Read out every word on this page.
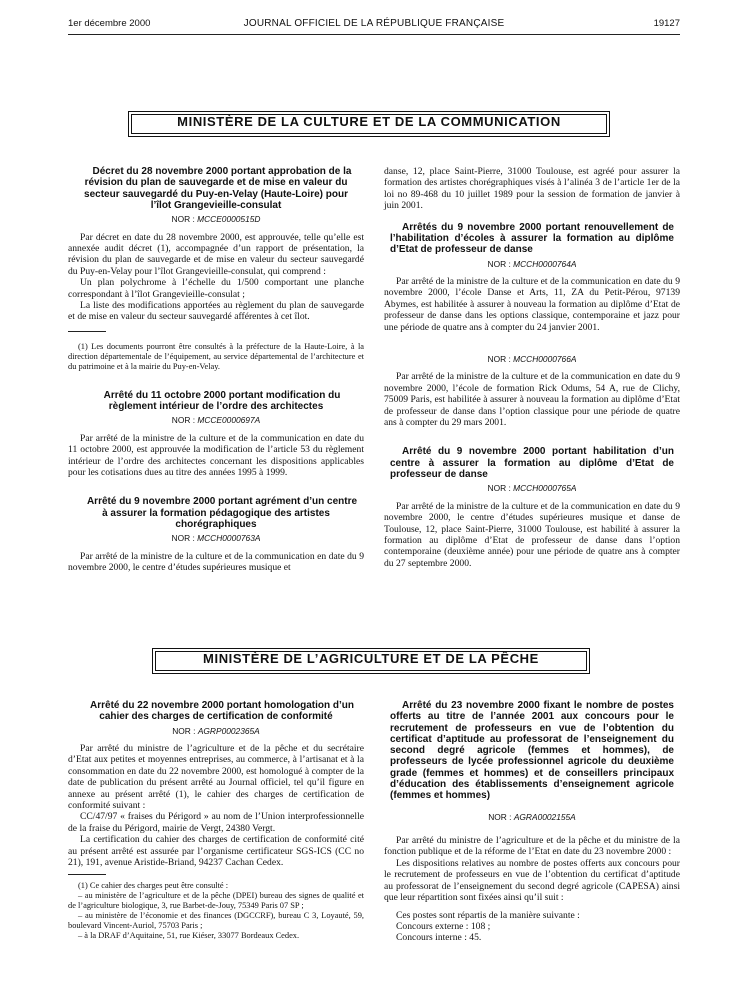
1er décembre 2000	JOURNAL OFFICIEL DE LA RÉPUBLIQUE FRANÇAISE	19127
MINISTÈRE DE LA CULTURE ET DE LA COMMUNICATION

Décret du 28 novembre 2000 portant approbation de la révision du plan de sauvegarde et de mise en valeur du secteur sauvegardé du Puy-en-Velay (Haute-Loire) pour l’îlot Grangevieille-consulat

NOR : MCCE0000515D

Par décret en date du 28 novembre 2000, est approuvée, telle qu’elle est annexée audit décret (1), accompagnée d’un rapport de présentation, la révision du plan de sauvegarde et de mise en valeur du secteur sauvegardé du Puy-en-Velay pour l’îlot Grangevieille-consulat, qui comprend :

Un plan polychrome à l’échelle du 1/500 comportant une planche correspondant à l’îlot Grangevieille-consulat ;

La liste des modifications apportées au règlement du plan de sauvegarde et de mise en valeur du secteur sauvegardé afférentes à cet îlot.

(1) Les documents pourront être consultés à la préfecture de la Haute-Loire, à la direction départementale de l’équipement, au service départemental de l’architecture et du patrimoine et à la mairie du Puy-en-Velay.

Arrêté du 11 octobre 2000 portant modification du règlement intérieur de l’ordre des architectes

NOR : MCCE0000697A

Par arrêté de la ministre de la culture et de la communication en date du 11 octobre 2000, est approuvée la modification de l’article 53 du règlement intérieur de l’ordre des architectes concernant les dispositions applicables pour les cotisations dues au titre des années 1995 à 1999.

Arrêté du 9 novembre 2000 portant agrément d’un centre à assurer la formation pédagogique des artistes chorégraphiques

NOR : MCCH0000763A

Par arrêté de la ministre de la culture et de la communication en date du 9 novembre 2000, le centre d’études supérieures musique et

danse, 12, place Saint-Pierre, 31000 Toulouse, est agréé pour assurer la formation des artistes chorégraphiques visés à l’alinéa 3 de l’article 1er de la loi no 89-468 du 10 juillet 1989 pour la session de formation de janvier à juin 2001.

Arrêtés du 9 novembre 2000 portant renouvellement de l’habilitation d’écoles à assurer la formation au diplôme d’Etat de professeur de danse

NOR : MCCH0000764A

Par arrêté de la ministre de la culture et de la communication en date du 9 novembre 2000, l’école Danse et Arts, 11, ZA du Petit-Pérou, 97139 Abymes, est habilitée à assurer à nouveau la formation au diplôme d’Etat de professeur de danse dans les options classique, contemporaine et jazz pour une période de quatre ans à compter du 24 janvier 2001.

NOR : MCCH0000766A

Par arrêté de la ministre de la culture et de la communication en date du 9 novembre 2000, l’école de formation Rick Odums, 54 A, rue de Clichy, 75009 Paris, est habilitée à assurer à nouveau la formation au diplôme d’Etat de professeur de danse dans l’option classique pour une période de quatre ans à compter du 29 mars 2001.

Arrêté du 9 novembre 2000 portant habilitation d’un centre à assurer la formation au diplôme d’Etat de professeur de danse

NOR : MCCH0000765A

Par arrêté de la ministre de la culture et de la communication en date du 9 novembre 2000, le centre d’études supérieures musique et danse de Toulouse, 12, place Saint-Pierre, 31000 Toulouse, est habilité à assurer la formation au diplôme d’Etat de professeur de danse dans l’option contemporaine (deuxième année) pour une période de quatre ans à compter du 27 septembre 2000.

MINISTÈRE DE L’AGRICULTURE ET DE LA PÊCHE

Arrêté du 22 novembre 2000 portant homologation d’un cahier des charges de certification de conformité

NOR : AGRP0002365A

Par arrêté du ministre de l’agriculture et de la pêche et du secrétaire d’Etat aux petites et moyennes entreprises, au commerce, à l’artisanat et à la consommation en date du 22 novembre 2000, est homologué à compter de la date de publication du présent arrêté au Journal officiel, tel qu’il figure en annexe au présent arrêté (1), le cahier des charges de certification de conformité suivant :

CC/47/97 « fraises du Périgord » au nom de l’Union interprofessionnelle de la fraise du Périgord, mairie de Vergt, 24380 Vergt.

La certification du cahier des charges de certification de conformité cité au présent arrêté est assurée par l’organisme certificateur SGS-ICS (CC no 21), 191, avenue Aristide-Briand, 94237 Cachan Cedex.

(1) Ce cahier des charges peut être consulté :

– au ministère de l’agriculture et de la pêche (DPEI) bureau des signes de qualité et de l’agriculture biologique, 3, rue Barbet-de-Jouy, 75349 Paris 07 SP ;

– au ministère de l’économie et des finances (DGCCRF), bureau C 3, Loyauté, 59, boulevard Vincent-Auriol, 75703 Paris ;

– à la DRAF d’Aquitaine, 51, rue Kiéser, 33077 Bordeaux Cedex.

Arrêté du 23 novembre 2000 fixant le nombre de postes offerts au titre de l’année 2001 aux concours pour le recrutement de professeurs en vue de l’obtention du certificat d’aptitude au professorat de l’enseignement du second degré agricole (femmes et hommes), de professeurs de lycée professionnel agricole du deuxième grade (femmes et hommes) et de conseillers principaux d’éducation des établissements d’enseignement agricole (femmes et hommes)

NOR : AGRA0002155A

Par arrêté du ministre de l’agriculture et de la pêche et du ministre de la fonction publique et de la réforme de l’Etat en date du 23 novembre 2000 :

Les dispositions relatives au nombre de postes offerts aux concours pour le recrutement de professeurs en vue de l’obtention du certificat d’aptitude au professorat de l’enseignement du second degré agricole (CAPESA) ainsi que leur répartition sont fixées ainsi qu’il suit :

Ces postes sont répartis de la manière suivante :

Concours externe : 108 ;

Concours interne : 45.
